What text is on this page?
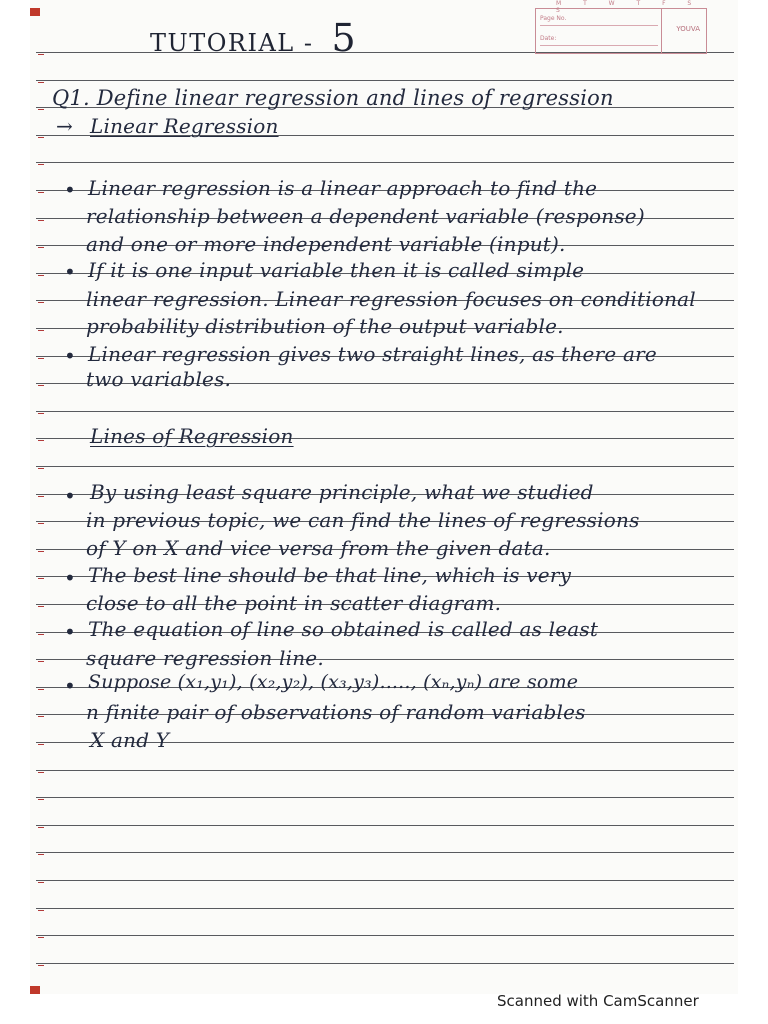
M T W T F S S
Page No.
Date:
YOUVA
TUTORIAL - 5
Q1. Define linear regression and lines of regression
→ Linear Regression
• Linear regression is a linear approach to find the
relationship between a dependent variable (response)
and one or more independent variable (input).
• If it is one input variable then it is called simple
linear regression. Linear regression focuses on conditional
probability distribution of the output variable.
• Linear regression gives two straight lines, as there are
two variables.
Lines of Regression
• By using least square principle, what we studied
in previous topic, we can find the lines of regressions
of Y on X and vice versa from the given data.
• The best line should be that line, which is very
close to all the point in scatter diagram.
• The equation of line so obtained is called as least
square regression line.
• Suppose (x₁,y₁), (x₂,y₂), (x₃,y₃)....., (xₙ,yₙ) are some
n finite pair of observations of random variables
X and Y
Scanned with CamScanner
